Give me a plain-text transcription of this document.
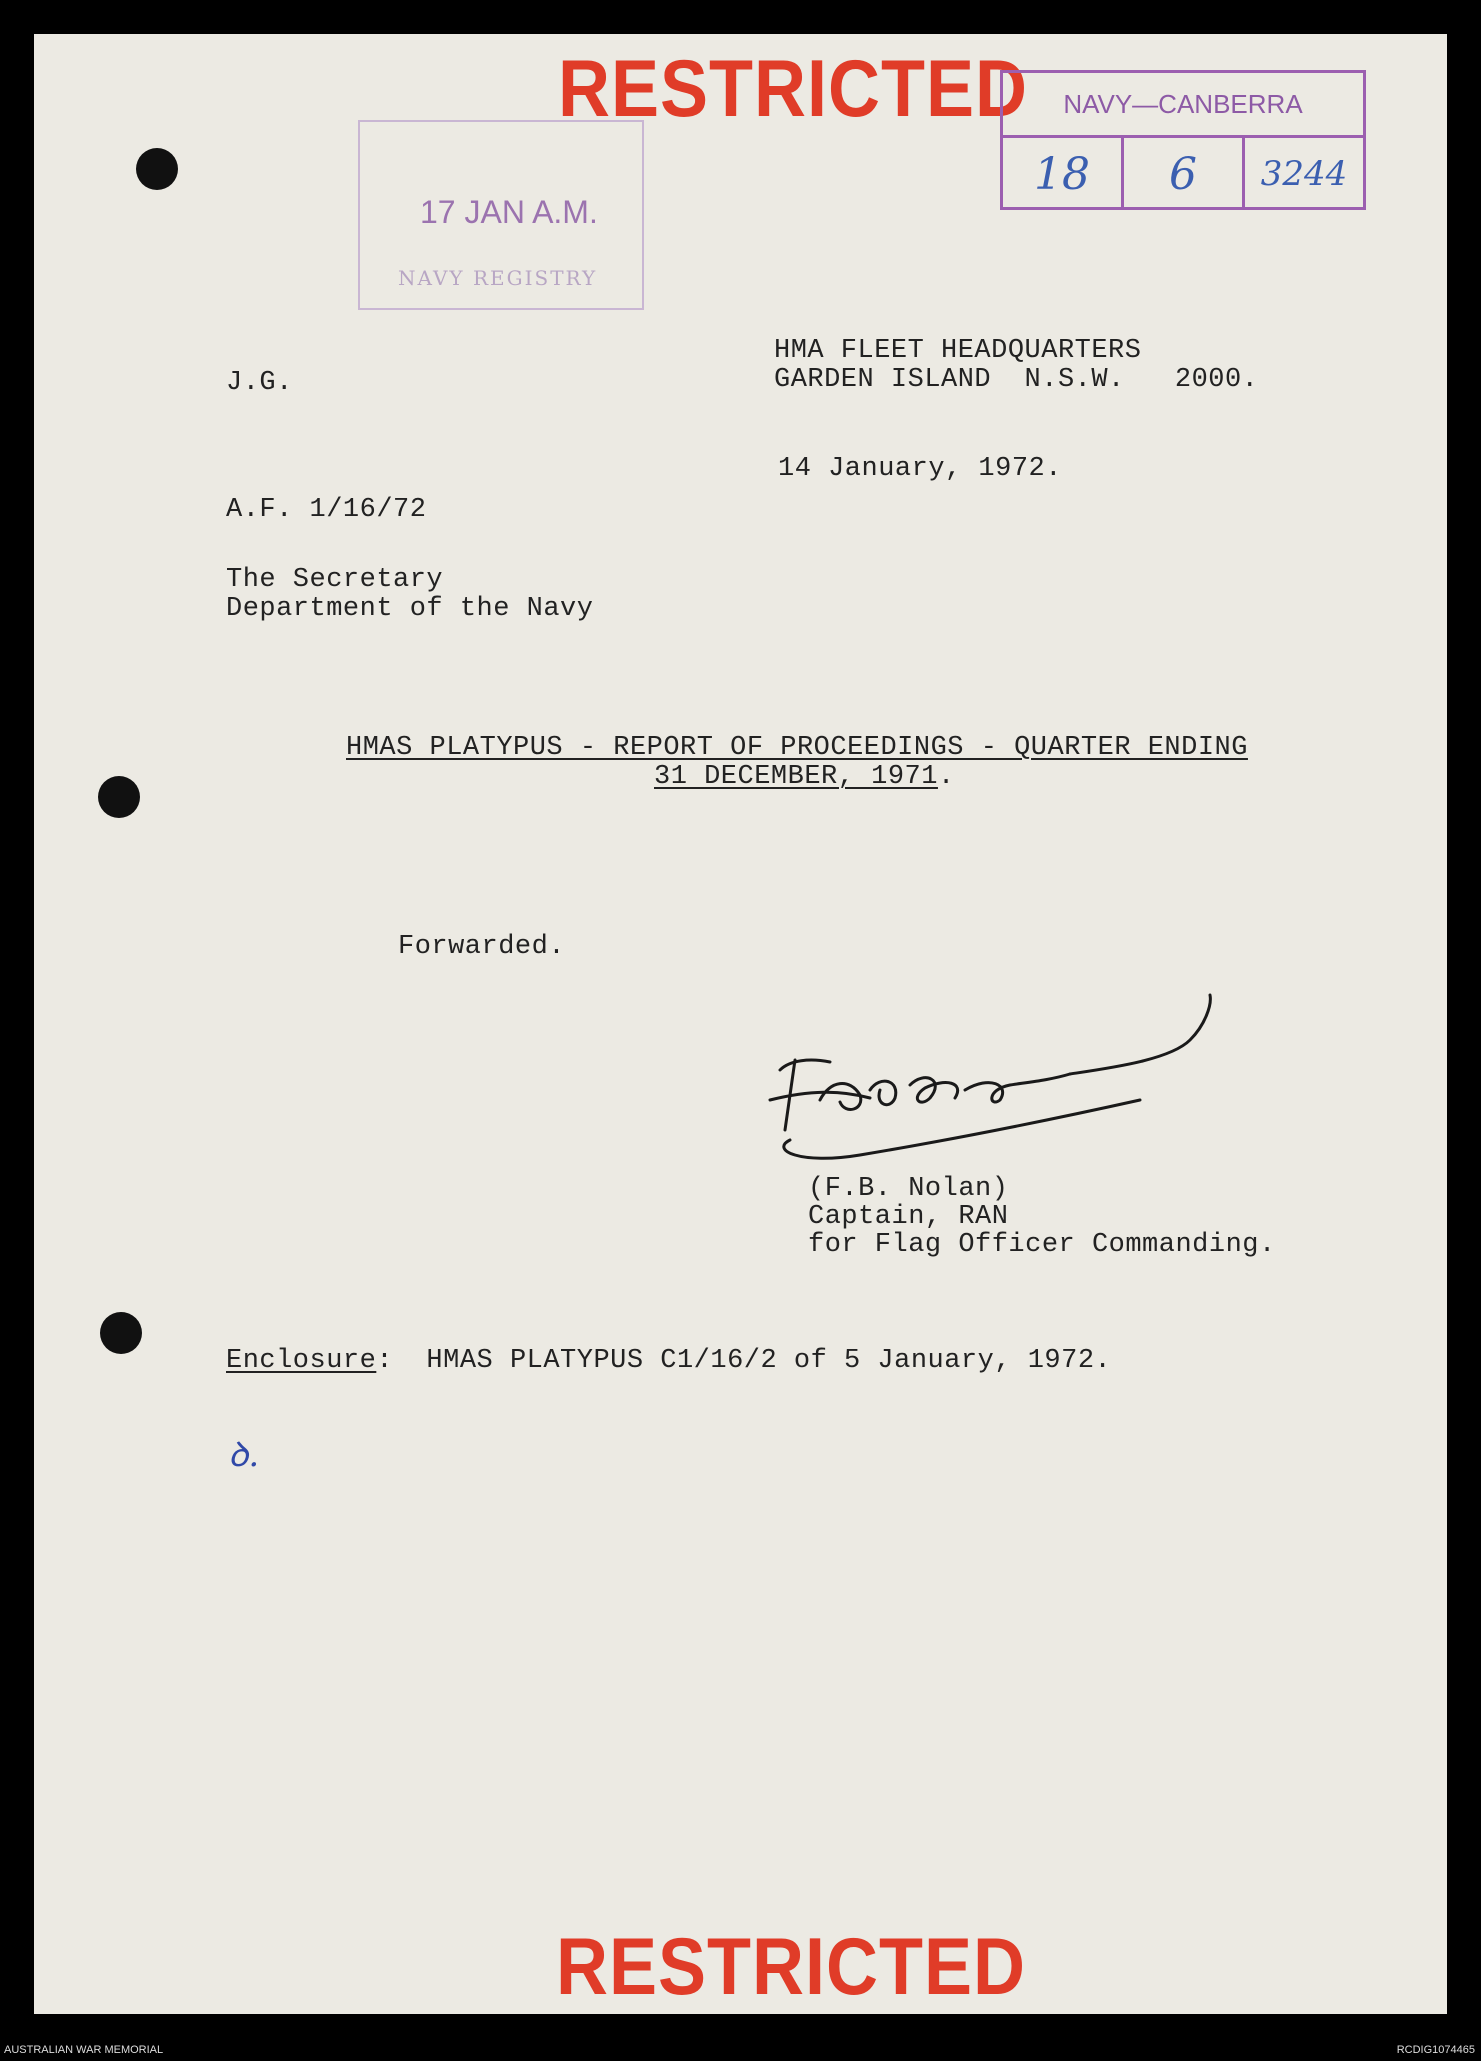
RESTRICTED
17 JAN A.M.
NAVY REGISTRY
NAVY—CANBERRA
18	6	3244
HMA FLEET HEADQUARTERS
J.G.	GARDEN ISLAND  N.S.W.   2000.
14 January, 1972.
A.F. 1/16/72
The Secretary
Department of the Navy
HMAS PLATYPUS - REPORT OF PROCEEDINGS - QUARTER ENDING
31 DECEMBER, 1971.
Forwarded.
(F.B. Nolan)
Captain, RAN
for Flag Officer Commanding.
Enclosure:  HMAS PLATYPUS C1/16/2 of 5 January, 1972.
ꝺ.
RESTRICTED
AUSTRALIAN WAR MEMORIAL	RCDIG1074465
